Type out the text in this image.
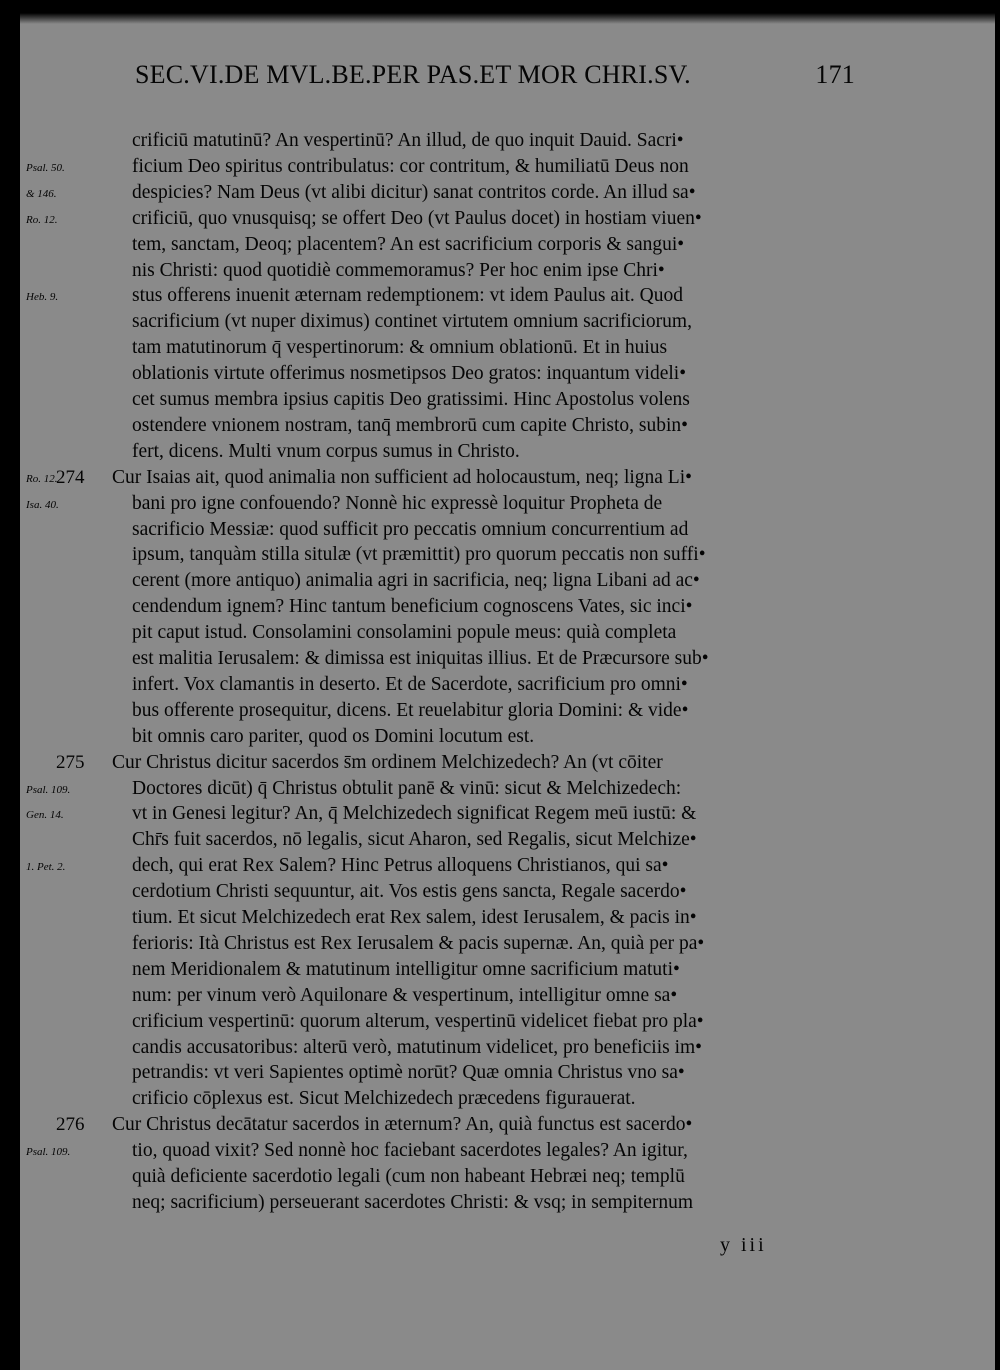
SEC.VI.DE MVL.BE.PER PAS.ET MOR CHRI.SV.	171
crificiū matutinū? An vespertinū? An illud, de quo inquit Dauid. Sacri•
ficium Deo spiritus contribulatus: cor contritum, & humiliatū Deus non
despicies? Nam Deus (vt alibi dicitur) sanat contritos corde. An illud sa•
crificiū, quo vnusquisq; se offert Deo (vt Paulus docet) in hostiam viuen•
tem, sanctam, Deoq; placentem? An est sacrificium corporis & sangui•
nis Christi: quod quotidiè commemoramus? Per hoc enim ipse Chri•
stus offerens inuenit æternam redemptionem: vt idem Paulus ait. Quod
sacrificium (vt nuper diximus) continet virtutem omnium sacrificiorum,
tam matutinorum q̄ vespertinorum: & omnium oblationū. Et in huius
oblationis virtute offerimus nosmetipsos Deo gratos: inquantum videli•
cet sumus membra ipsius capitis Deo gratissimi. Hinc Apostolus volens
ostendere vnionem nostram, tanq̄ membrorū cum capite Christo, subin•
fert, dicens. Multi vnum corpus sumus in Christo.
Cur Isaias ait, quod animalia non sufficient ad holocaustum, neq; ligna Li•
bani pro igne confouendo? Nonnè hic expressè loquitur Propheta de
sacrificio Messiæ: quod sufficit pro peccatis omnium concurrentium ad
ipsum, tanquàm stilla situlæ (vt præmittit) pro quorum peccatis non suffi•
cerent (more antiquo) animalia agri in sacrificia, neq; ligna Libani ad ac•
cendendum ignem? Hinc tantum beneficium cognoscens Vates, sic inci•
pit caput istud. Consolamini consolamini popule meus: quià completa
est malitia Ierusalem: & dimissa est iniquitas illius. Et de Præcursore sub•
infert. Vox clamantis in deserto. Et de Sacerdote, sacrificium pro omni•
bus offerente prosequitur, dicens. Et reuelabitur gloria Domini: & vide•
bit omnis caro pariter, quod os Domini locutum est.
Cur Christus dicitur sacerdos s̄m ordinem Melchizedech? An (vt cōiter
Doctores dicūt) q̄ Christus obtulit panē & vinū: sicut & Melchizedech:
vt in Genesi legitur? An, q̄ Melchizedech significat Regem meū iustū: &
Chr̄s fuit sacerdos, nō legalis, sicut Aharon, sed Regalis, sicut Melchize•
dech, qui erat Rex Salem? Hinc Petrus alloquens Christianos, qui sa•
cerdotium Christi sequuntur, ait. Vos estis gens sancta, Regale sacerdo•
tium. Et sicut Melchizedech erat Rex salem, idest Ierusalem, & pacis in•
ferioris: Ità Christus est Rex Ierusalem & pacis supernæ. An, quià per pa•
nem Meridionalem & matutinum intelligitur omne sacrificium matuti•
num: per vinum verò Aquilonare & vespertinum, intelligitur omne sa•
crificium vespertinū: quorum alterum, vespertinū videlicet fiebat pro pla•
candis accusatoribus: alterū verò, matutinum videlicet, pro beneficiis im•
petrandis: vt veri Sapientes optimè norūt? Quæ omnia Christus vno sa•
crificio cōplexus est. Sicut Melchizedech præcedens figurauerat.
Cur Christus decātatur sacerdos in æternum? An, quià functus est sacerdo•
tio, quoad vixit? Sed nonnè hoc faciebant sacerdotes legales? An igitur,
quià deficiente sacerdotio legali (cum non habeant Hebræi neq; templū
neq; sacrificium) perseuerant sacerdotes Christi: & vsq; in sempiternum
Psal. 50.
& 146.
Ro. 12.
Heb. 9.
Ro. 12.
Isa. 40.
Psal. 109.
Gen. 14.
1. Pet. 2.
Psal. 109.
274
275
276
y iii
